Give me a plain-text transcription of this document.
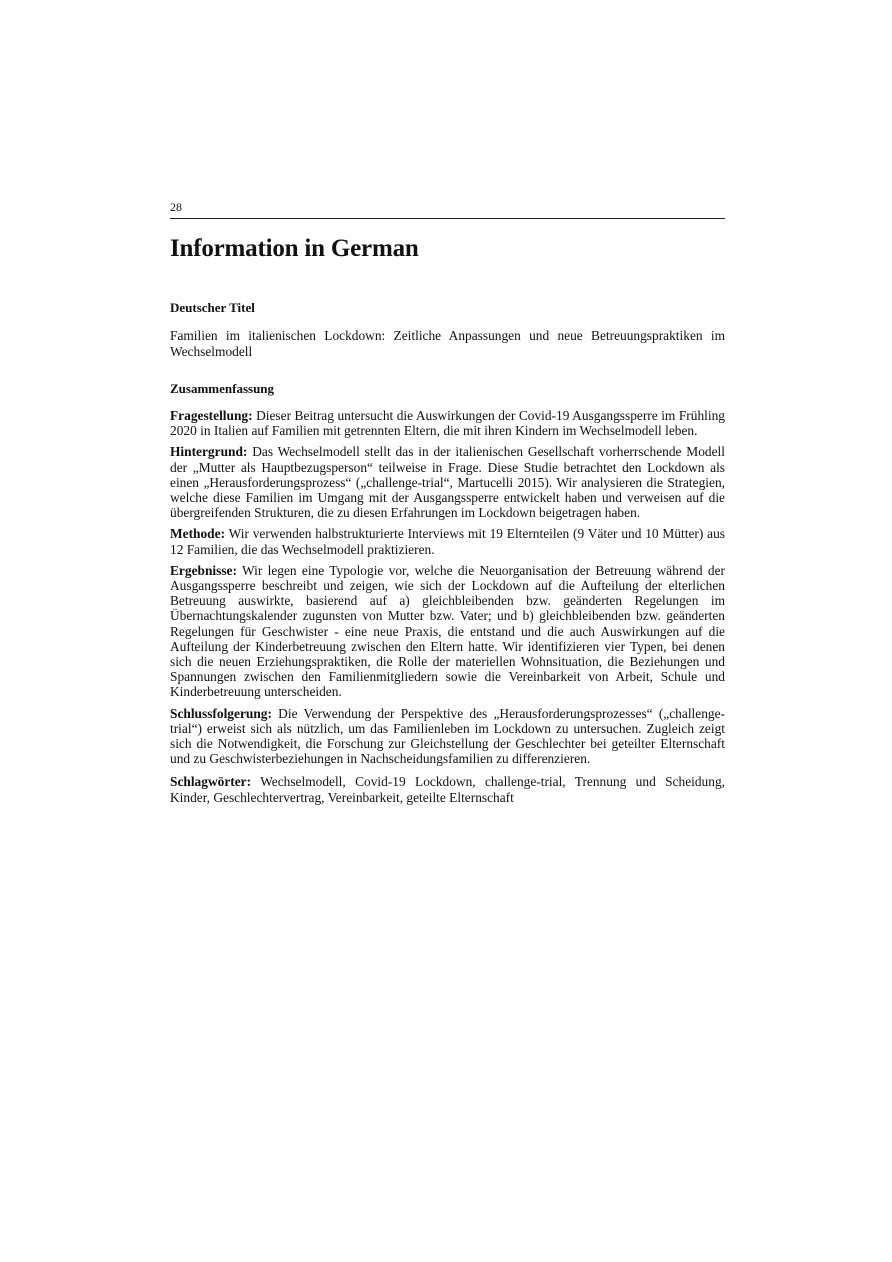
28

Information in German
Deutscher Titel

Familien im italienischen Lockdown: Zeitliche Anpassungen und neue Betreuungspraktiken im Wechselmodell

Zusammenfassung

Fragestellung: Dieser Beitrag untersucht die Auswirkungen der Covid-19 Ausgangssperre im Frühling 2020 in Italien auf Familien mit getrennten Eltern, die mit ihren Kindern im Wechselmodell leben.

Hintergrund: Das Wechselmodell stellt das in der italienischen Gesellschaft vorherrschende Modell der „Mutter als Hauptbezugsperson“ teilweise in Frage. Diese Studie betrachtet den Lockdown als einen „Herausforderungsprozess“ („challenge-trial“, Martucelli 2015). Wir analysieren die Strategien, welche diese Familien im Umgang mit der Ausgangssperre entwickelt haben und verweisen auf die übergreifenden Strukturen, die zu diesen Erfahrungen im Lockdown beigetragen haben.

Methode: Wir verwenden halbstrukturierte Interviews mit 19 Elternteilen (9 Väter und 10 Mütter) aus 12 Familien, die das Wechselmodell praktizieren.

Ergebnisse: Wir legen eine Typologie vor, welche die Neuorganisation der Betreuung während der Ausgangssperre beschreibt und zeigen, wie sich der Lockdown auf die Aufteilung der elterlichen Betreuung auswirkte, basierend auf a) gleichbleibenden bzw. geänderten Regelungen im Übernachtungskalender zugunsten von Mutter bzw. Vater; und b) gleichbleibenden bzw. geänderten Regelungen für Geschwister - eine neue Praxis, die entstand und die auch Auswirkungen auf die Aufteilung der Kinderbetreuung zwischen den Eltern hatte. Wir identifizieren vier Typen, bei denen sich die neuen Erziehungspraktiken, die Rolle der materiellen Wohnsituation, die Beziehungen und Spannungen zwischen den Familienmitgliedern sowie die Vereinbarkeit von Arbeit, Schule und Kinderbetreuung unterscheiden.

Schlussfolgerung: Die Verwendung der Perspektive des „Herausforderungsprozesses“ („challenge-trial“) erweist sich als nützlich, um das Familienleben im Lockdown zu untersuchen. Zugleich zeigt sich die Notwendigkeit, die Forschung zur Gleichstellung der Geschlechter bei geteilter Elternschaft und zu Geschwisterbeziehungen in Nachscheidungsfamilien zu differenzieren.

Schlagwörter: Wechselmodell, Covid-19 Lockdown, challenge-trial, Trennung und Scheidung, Kinder, Geschlechtervertrag, Vereinbarkeit, geteilte Elternschaft
